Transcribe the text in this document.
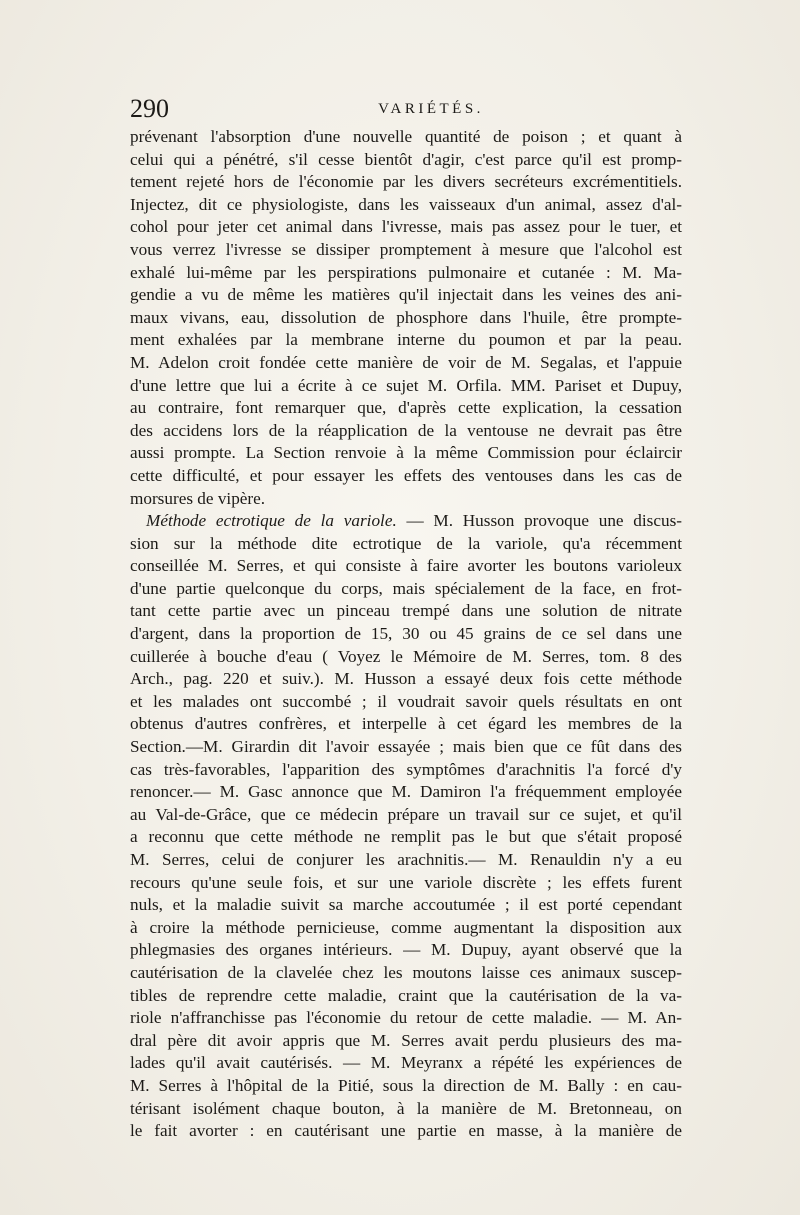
290	VARIÉTÉS.
prévenant l'absorption d'une nouvelle quantité de poison ; et quant à
celui qui a pénétré, s'il cesse bientôt d'agir, c'est parce qu'il est promp-
tement rejeté hors de l'économie par les divers secréteurs excrémentitiels.
Injectez, dit ce physiologiste, dans les vaisseaux d'un animal, assez d'al-
cohol pour jeter cet animal dans l'ivresse, mais pas assez pour le tuer, et
vous verrez l'ivresse se dissiper promptement à mesure que l'alcohol est
exhalé lui-même par les perspirations pulmonaire et cutanée : M. Ma-
gendie a vu de même les matières qu'il injectait dans les veines des ani-
maux vivans, eau, dissolution de phosphore dans l'huile, être prompte-
ment exhalées par la membrane interne du poumon et par la peau.
M. Adelon croit fondée cette manière de voir de M. Segalas, et l'appuie
d'une lettre que lui a écrite à ce sujet M. Orfila. MM. Pariset et Dupuy,
au contraire, font remarquer que, d'après cette explication, la cessation
des accidens lors de la réapplication de la ventouse ne devrait pas être
aussi prompte. La Section renvoie à la même Commission pour éclaircir
cette difficulté, et pour essayer les effets des ventouses dans les cas de
morsures de vipère.
Méthode ectrotique de la variole. — M. Husson provoque une discus-
sion sur la méthode dite ectrotique de la variole, qu'a récemment
conseillée M. Serres, et qui consiste à faire avorter les boutons varioleux
d'une partie quelconque du corps, mais spécialement de la face, en frot-
tant cette partie avec un pinceau trempé dans une solution de nitrate
d'argent, dans la proportion de 15, 30 ou 45 grains de ce sel dans une
cuillerée à bouche d'eau ( Voyez le Mémoire de M. Serres, tom. 8 des
Arch., pag. 220 et suiv.). M. Husson a essayé deux fois cette méthode
et les malades ont succombé ; il voudrait savoir quels résultats en ont
obtenus d'autres confrères, et interpelle à cet égard les membres de la
Section.—M. Girardin dit l'avoir essayée ; mais bien que ce fût dans des
cas très-favorables, l'apparition des symptômes d'arachnitis l'a forcé d'y
renoncer.— M. Gasc annonce que M. Damiron l'a fréquemment employée
au Val-de-Grâce, que ce médecin prépare un travail sur ce sujet, et qu'il
a reconnu que cette méthode ne remplit pas le but que s'était proposé
M. Serres, celui de conjurer les arachnitis.— M. Renauldin n'y a eu
recours qu'une seule fois, et sur une variole discrète ; les effets furent
nuls, et la maladie suivit sa marche accoutumée ; il est porté cependant
à croire la méthode pernicieuse, comme augmentant la disposition aux
phlegmasies des organes intérieurs. — M. Dupuy, ayant observé que la
cautérisation de la clavelée chez les moutons laisse ces animaux suscep-
tibles de reprendre cette maladie, craint que la cautérisation de la va-
riole n'affranchisse pas l'économie du retour de cette maladie. — M. An-
dral père dit avoir appris que M. Serres avait perdu plusieurs des ma-
lades qu'il avait cautérisés. — M. Meyranx a répété les expériences de
M. Serres à l'hôpital de la Pitié, sous la direction de M. Bally : en cau-
térisant isolément chaque bouton, à la manière de M. Bretonneau, on
le fait avorter : en cautérisant une partie en masse, à la manière de
